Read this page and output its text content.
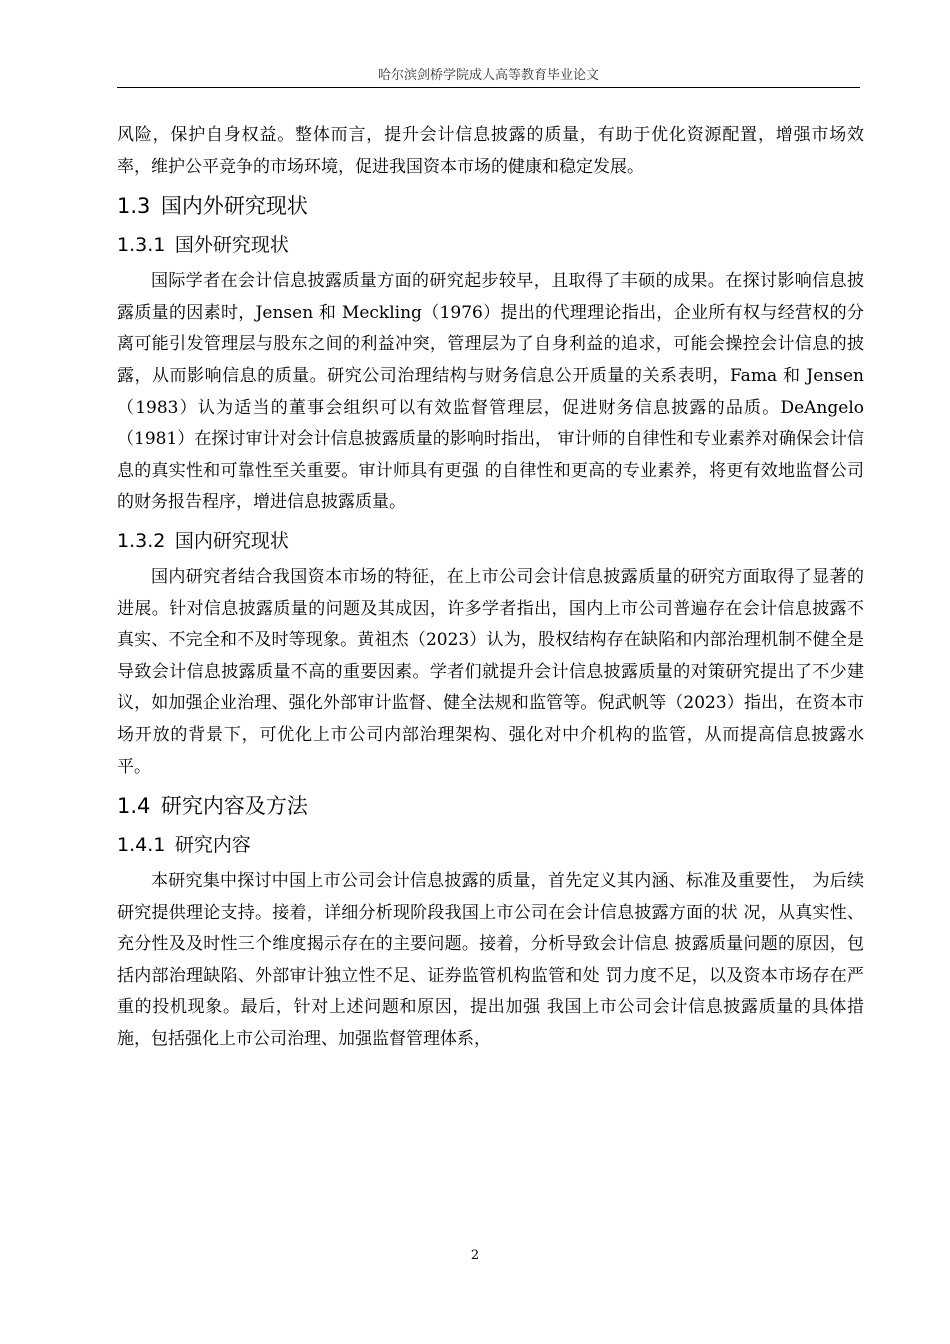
哈尔滨剑桥学院成人高等教育毕业论文

风险，保护自身权益。整体而言，提升会计信息披露的质量，有助于优化资源配置，增强市场效率，维护公平竞争的市场环境，促进我国资本市场的健康和稳定发展。

1.3 国内外研究现状
1.3.1 国外研究现状

国际学者在会计信息披露质量方面的研究起步较早，且取得了丰硕的成果。在探讨影响信息披露质量的因素时，Jensen 和 Meckling（1976）提出的代理理论指出，企业所有权与经营权的分离可能引发管理层与股东之间的利益冲突，管理层为了自身利益的追求，可能会操控会计信息的披露，从而影响信息的质量。研究公司治理结构与财务信息公开质量的关系表明，Fama 和 Jensen（1983）认为适当的董事会组织可以有效监督管理层，促进财务信息披露的品质。DeAngelo（1981）在探讨审计对会计信息披露质量的影响时指出， 审计师的自律性和专业素养对确保会计信息的真实性和可靠性至关重要。审计师具有更强 的自律性和更高的专业素养，将更有效地监督公司的财务报告程序，增进信息披露质量。

1.3.2 国内研究现状

国内研究者结合我国资本市场的特征，在上市公司会计信息披露质量的研究方面取得了显著的进展。针对信息披露质量的问题及其成因，许多学者指出，国内上市公司普遍存在会计信息披露不真实、不完全和不及时等现象。黄祖杰（2023）认为，股权结构存在缺陷和内部治理机制不健全是导致会计信息披露质量不高的重要因素。学者们就提升会计信息披露质量的对策研究提出了不少建议，如加强企业治理、强化外部审计监督、健全法规和监管等。倪武帆等（2023）指出，在资本市场开放的背景下，可优化上市公司内部治理架构、强化对中介机构的监管，从而提高信息披露水平。

1.4 研究内容及方法
1.4.1 研究内容

本研究集中探讨中国上市公司会计信息披露的质量，首先定义其内涵、标准及重要性， 为后续研究提供理论支持。接着，详细分析现阶段我国上市公司在会计信息披露方面的状 况，从真实性、充分性及及时性三个维度揭示存在的主要问题。接着，分析导致会计信息 披露质量问题的原因，包括内部治理缺陷、外部审计独立性不足、证券监管机构监管和处 罚力度不足，以及资本市场存在严重的投机现象。最后，针对上述问题和原因，提出加强 我国上市公司会计信息披露质量的具体措施，包括强化上市公司治理、加强监督管理体系，

2
